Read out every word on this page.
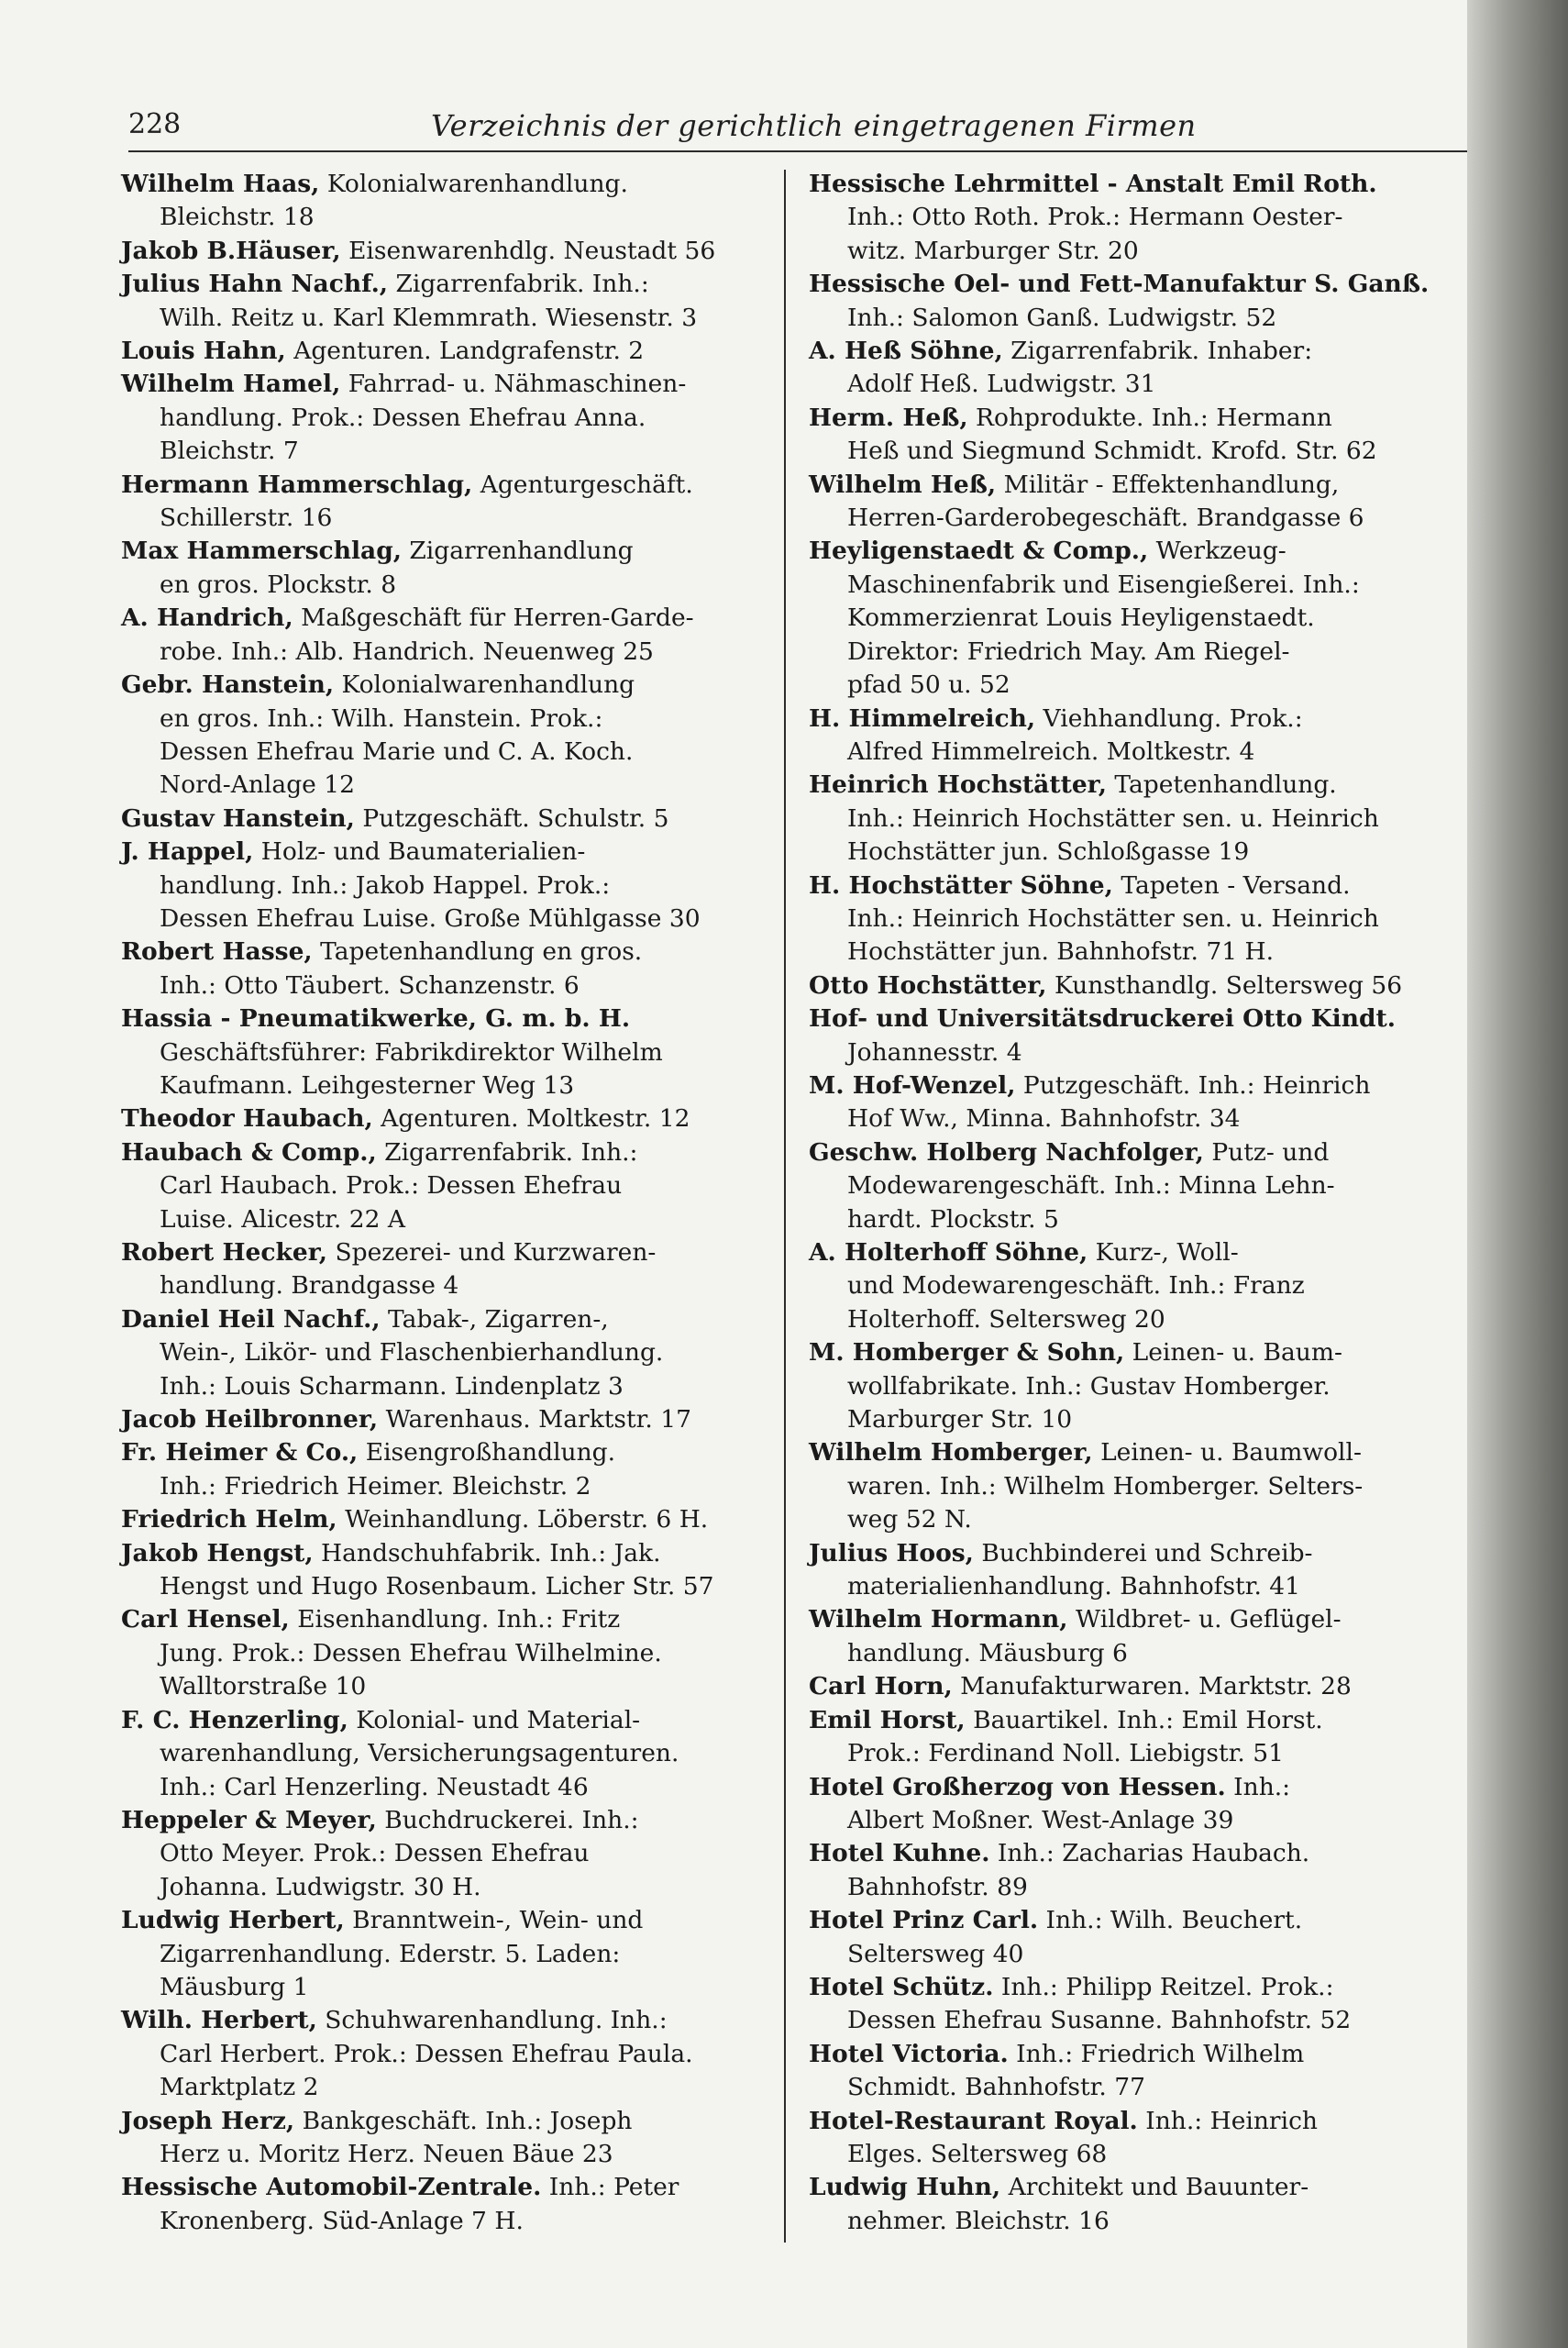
228	Verzeichnis der gerichtlich eingetragenen Firmen
Wilhelm Haas, Kolonialwarenhandlung.
Bleichstr. 18
Jakob B.Häuser, Eisenwarenhdlg. Neustadt 56
Julius Hahn Nachf., Zigarrenfabrik. Inh.:
Wilh. Reitz u. Karl Klemmrath. Wiesenstr. 3
Louis Hahn, Agenturen. Landgrafenstr. 2
Wilhelm Hamel, Fahrrad- u. Nähmaschinen-
handlung. Prok.: Dessen Ehefrau Anna.
Bleichstr. 7
Hermann Hammerschlag, Agenturgeschäft.
Schillerstr. 16
Max Hammerschlag, Zigarrenhandlung
en gros. Plockstr. 8
A. Handrich, Maßgeschäft für Herren-Garde-
robe. Inh.: Alb. Handrich. Neuenweg 25
Gebr. Hanstein, Kolonialwarenhandlung
en gros. Inh.: Wilh. Hanstein. Prok.:
Dessen Ehefrau Marie und C. A. Koch.
Nord-Anlage 12
Gustav Hanstein, Putzgeschäft. Schulstr. 5
J. Happel, Holz- und Baumaterialien-
handlung. Inh.: Jakob Happel. Prok.:
Dessen Ehefrau Luise. Große Mühlgasse 30
Robert Hasse, Tapetenhandlung en gros.
Inh.: Otto Täubert. Schanzenstr. 6
Hassia - Pneumatikwerke, G. m. b. H.
Geschäftsführer: Fabrikdirektor Wilhelm
Kaufmann. Leihgesterner Weg 13
Theodor Haubach, Agenturen. Moltkestr. 12
Haubach & Comp., Zigarrenfabrik. Inh.:
Carl Haubach. Prok.: Dessen Ehefrau
Luise. Alicestr. 22 A
Robert Hecker, Spezerei- und Kurzwaren-
handlung. Brandgasse 4
Daniel Heil Nachf., Tabak-, Zigarren-,
Wein-, Likör- und Flaschenbierhandlung.
Inh.: Louis Scharmann. Lindenplatz 3
Jacob Heilbronner, Warenhaus. Marktstr. 17
Fr. Heimer & Co., Eisengroßhandlung.
Inh.: Friedrich Heimer. Bleichstr. 2
Friedrich Helm, Weinhandlung. Löberstr. 6 H.
Jakob Hengst, Handschuhfabrik. Inh.: Jak.
Hengst und Hugo Rosenbaum. Licher Str. 57
Carl Hensel, Eisenhandlung. Inh.: Fritz
Jung. Prok.: Dessen Ehefrau Wilhelmine.
Walltorstraße 10
F. C. Henzerling, Kolonial- und Material-
warenhandlung, Versicherungsagenturen.
Inh.: Carl Henzerling. Neustadt 46
Heppeler & Meyer, Buchdruckerei. Inh.:
Otto Meyer. Prok.: Dessen Ehefrau
Johanna. Ludwigstr. 30 H.
Ludwig Herbert, Branntwein-, Wein- und
Zigarrenhandlung. Ederstr. 5. Laden:
Mäusburg 1
Wilh. Herbert, Schuhwarenhandlung. Inh.:
Carl Herbert. Prok.: Dessen Ehefrau Paula.
Marktplatz 2
Joseph Herz, Bankgeschäft. Inh.: Joseph
Herz u. Moritz Herz. Neuen Bäue 23
Hessische Automobil-Zentrale. Inh.: Peter
Kronenberg. Süd-Anlage 7 H.
Hessische Lehrmittel - Anstalt Emil Roth.
Inh.: Otto Roth. Prok.: Hermann Oester-
witz. Marburger Str. 20
Hessische Oel- und Fett-Manufaktur S. Ganß.
Inh.: Salomon Ganß. Ludwigstr. 52
A. Heß Söhne, Zigarrenfabrik. Inhaber:
Adolf Heß. Ludwigstr. 31
Herm. Heß, Rohprodukte. Inh.: Hermann
Heß und Siegmund Schmidt. Krofd. Str. 62
Wilhelm Heß, Militär - Effektenhandlung,
Herren-Garderobegeschäft. Brandgasse 6
Heyligenstaedt & Comp., Werkzeug-
Maschinenfabrik und Eisengießerei. Inh.:
Kommerzienrat Louis Heyligenstaedt.
Direktor: Friedrich May. Am Riegel-
pfad 50 u. 52
H. Himmelreich, Viehhandlung. Prok.:
Alfred Himmelreich. Moltkestr. 4
Heinrich Hochstätter, Tapetenhandlung.
Inh.: Heinrich Hochstätter sen. u. Heinrich
Hochstätter jun. Schloßgasse 19
H. Hochstätter Söhne, Tapeten - Versand.
Inh.: Heinrich Hochstätter sen. u. Heinrich
Hochstätter jun. Bahnhofstr. 71 H.
Otto Hochstätter, Kunsthandlg. Seltersweg 56
Hof- und Universitätsdruckerei Otto Kindt.
Johannesstr. 4
M. Hof-Wenzel, Putzgeschäft. Inh.: Heinrich
Hof Ww., Minna. Bahnhofstr. 34
Geschw. Holberg Nachfolger, Putz- und
Modewarengeschäft. Inh.: Minna Lehn-
hardt. Plockstr. 5
A. Holterhoff Söhne, Kurz-, Woll-
und Modewarengeschäft. Inh.: Franz
Holterhoff. Seltersweg 20
M. Homberger & Sohn, Leinen- u. Baum-
wollfabrikate. Inh.: Gustav Homberger.
Marburger Str. 10
Wilhelm Homberger, Leinen- u. Baumwoll-
waren. Inh.: Wilhelm Homberger. Selters-
weg 52 N.
Julius Hoos, Buchbinderei und Schreib-
materialienhandlung. Bahnhofstr. 41
Wilhelm Hormann, Wildbret- u. Geflügel-
handlung. Mäusburg 6
Carl Horn, Manufakturwaren. Marktstr. 28
Emil Horst, Bauartikel. Inh.: Emil Horst.
Prok.: Ferdinand Noll. Liebigstr. 51
Hotel Großherzog von Hessen. Inh.:
Albert Moßner. West-Anlage 39
Hotel Kuhne. Inh.: Zacharias Haubach.
Bahnhofstr. 89
Hotel Prinz Carl. Inh.: Wilh. Beuchert.
Seltersweg 40
Hotel Schütz. Inh.: Philipp Reitzel. Prok.:
Dessen Ehefrau Susanne. Bahnhofstr. 52
Hotel Victoria. Inh.: Friedrich Wilhelm
Schmidt. Bahnhofstr. 77
Hotel-Restaurant Royal. Inh.: Heinrich
Elges. Seltersweg 68
Ludwig Huhn, Architekt und Bauunter-
nehmer. Bleichstr. 16
